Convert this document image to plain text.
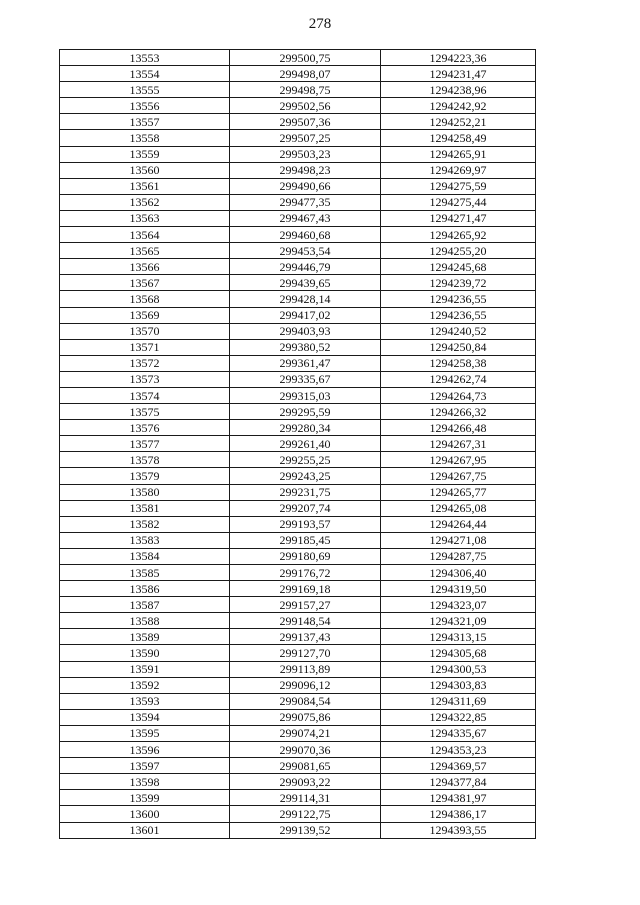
278
13553	299500,75	1294223,36
13554	299498,07	1294231,47
13555	299498,75	1294238,96
13556	299502,56	1294242,92
13557	299507,36	1294252,21
13558	299507,25	1294258,49
13559	299503,23	1294265,91
13560	299498,23	1294269,97
13561	299490,66	1294275,59
13562	299477,35	1294275,44
13563	299467,43	1294271,47
13564	299460,68	1294265,92
13565	299453,54	1294255,20
13566	299446,79	1294245,68
13567	299439,65	1294239,72
13568	299428,14	1294236,55
13569	299417,02	1294236,55
13570	299403,93	1294240,52
13571	299380,52	1294250,84
13572	299361,47	1294258,38
13573	299335,67	1294262,74
13574	299315,03	1294264,73
13575	299295,59	1294266,32
13576	299280,34	1294266,48
13577	299261,40	1294267,31
13578	299255,25	1294267,95
13579	299243,25	1294267,75
13580	299231,75	1294265,77
13581	299207,74	1294265,08
13582	299193,57	1294264,44
13583	299185,45	1294271,08
13584	299180,69	1294287,75
13585	299176,72	1294306,40
13586	299169,18	1294319,50
13587	299157,27	1294323,07
13588	299148,54	1294321,09
13589	299137,43	1294313,15
13590	299127,70	1294305,68
13591	299113,89	1294300,53
13592	299096,12	1294303,83
13593	299084,54	1294311,69
13594	299075,86	1294322,85
13595	299074,21	1294335,67
13596	299070,36	1294353,23
13597	299081,65	1294369,57
13598	299093,22	1294377,84
13599	299114,31	1294381,97
13600	299122,75	1294386,17
13601	299139,52	1294393,55
